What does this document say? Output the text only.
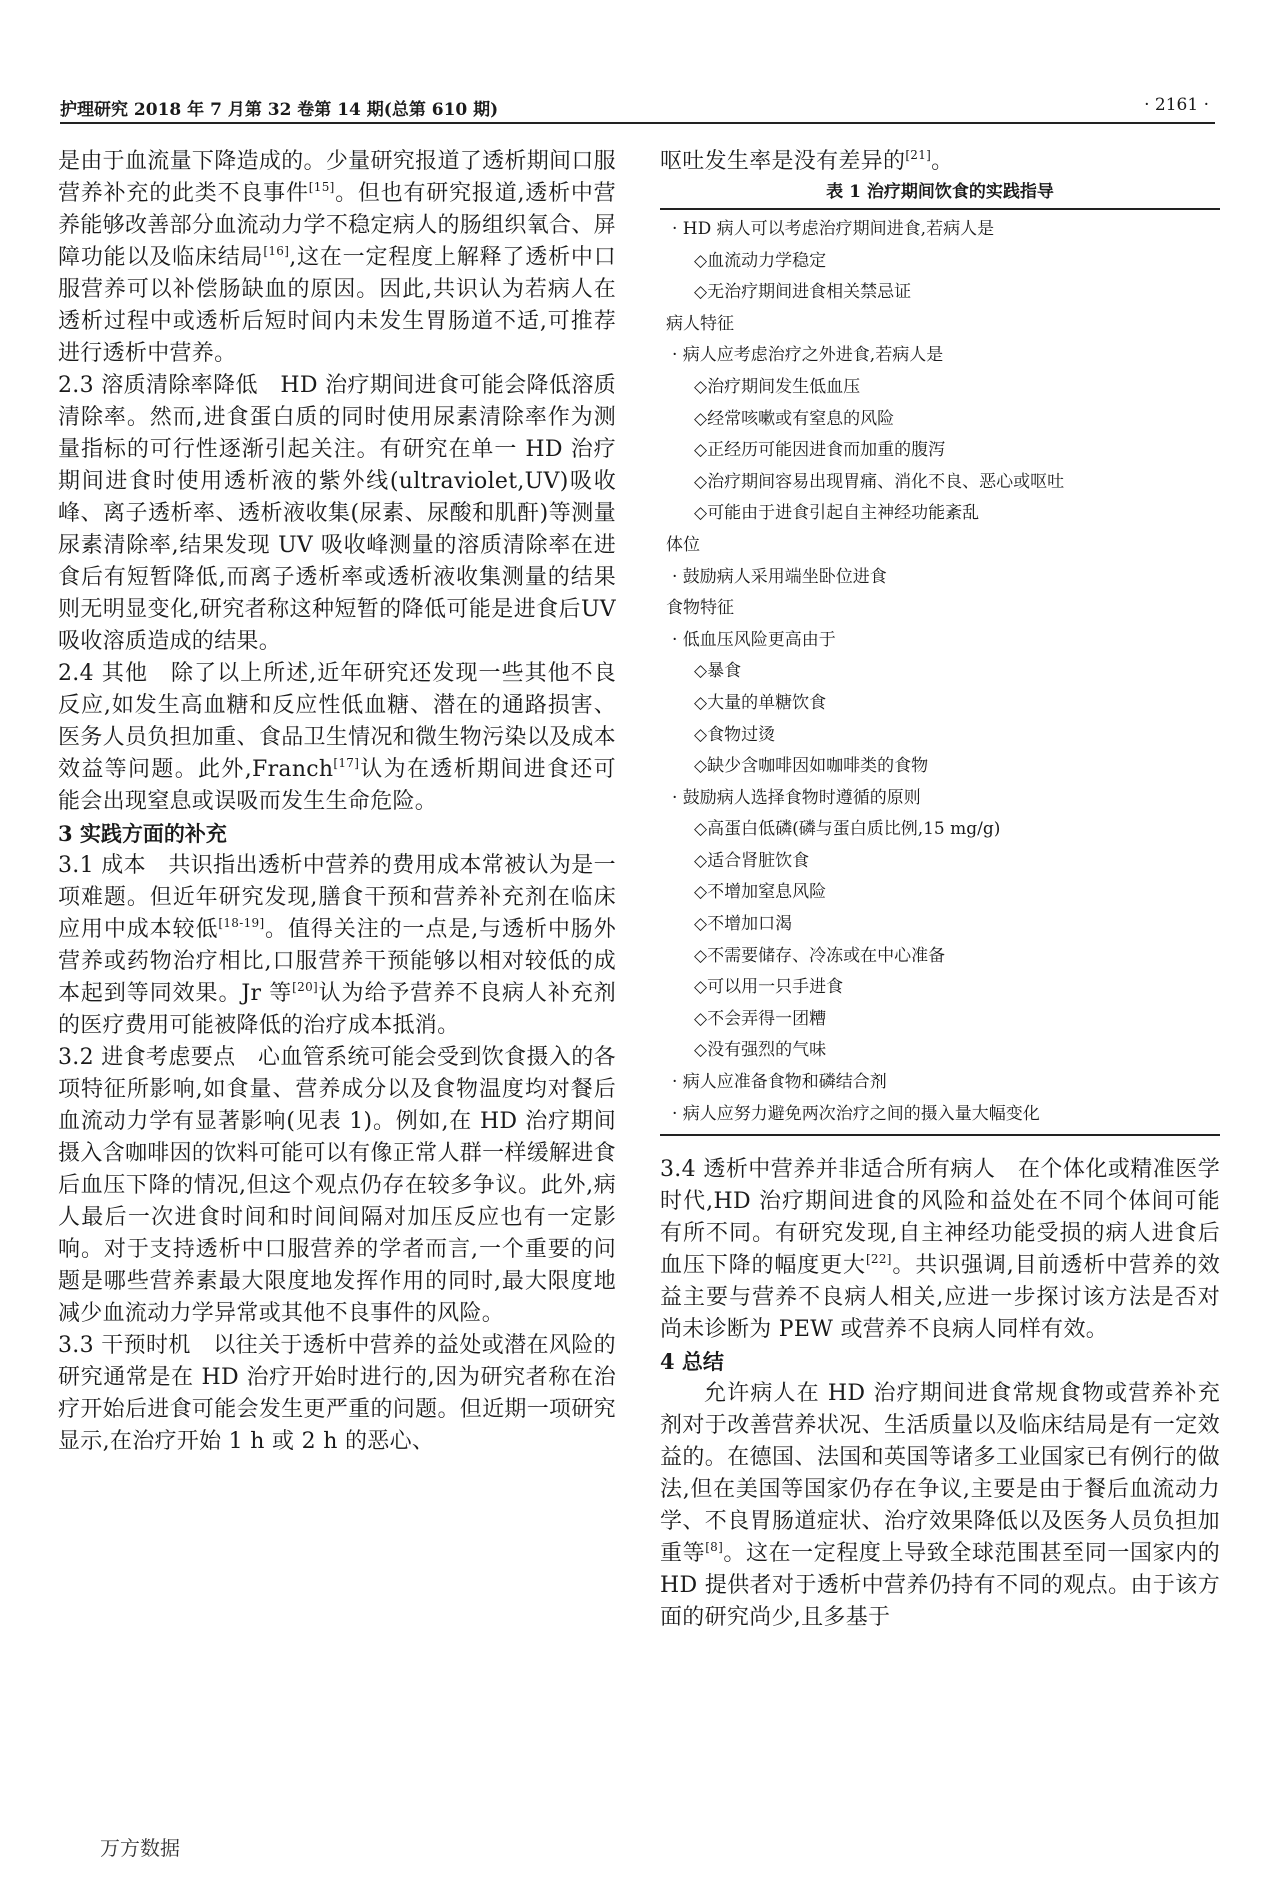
护理研究 2018 年 7 月第 32 卷第 14 期(总第 610 期)	· 2161 ·

是由于血流量下降造成的。少量研究报道了透析期间口服营养补充的此类不良事件[15]。但也有研究报道,透析中营养能够改善部分血流动力学不稳定病人的肠组织氧合、屏障功能以及临床结局[16],这在一定程度上解释了透析中口服营养可以补偿肠缺血的原因。因此,共识认为若病人在透析过程中或透析后短时间内未发生胃肠道不适,可推荐进行透析中营养。

2.3 溶质清除率降低　 HD 治疗期间进食可能会降低溶质清除率。然而,进食蛋白质的同时使用尿素清除率作为测量指标的可行性逐渐引起关注。有研究在单一 HD 治疗期间进食时使用透析液的紫外线(ultraviolet,UV)吸收峰、离子透析率、透析液收集(尿素、尿酸和肌酐)等测量尿素清除率,结果发现 UV 吸收峰测量的溶质清除率在进食后有短暂降低,而离子透析率或透析液收集测量的结果则无明显变化,研究者称这种短暂的降低可能是进食后UV吸收溶质造成的结果。

2.4 其他　 除了以上所述,近年研究还发现一些其他不良反应,如发生高血糖和反应性低血糖、潜在的通路损害、医务人员负担加重、食品卫生情况和微生物污染以及成本效益等问题。此外,Franch[17]认为在透析期间进食还可能会出现窒息或误吸而发生生命危险。

3 实践方面的补充

3.1 成本　 共识指出透析中营养的费用成本常被认为是一项难题。但近年研究发现,膳食干预和营养补充剂在临床应用中成本较低[18-19]。值得关注的一点是,与透析中肠外营养或药物治疗相比,口服营养干预能够以相对较低的成本起到等同效果。Jr 等[20]认为给予营养不良病人补充剂的医疗费用可能被降低的治疗成本抵消。

3.2 进食考虑要点　 心血管系统可能会受到饮食摄入的各项特征所影响,如食量、营养成分以及食物温度均对餐后血流动力学有显著影响(见表 1)。例如,在 HD 治疗期间摄入含咖啡因的饮料可能可以有像正常人群一样缓解进食后血压下降的情况,但这个观点仍存在较多争议。此外,病人最后一次进食时间和时间间隔对加压反应也有一定影响。对于支持透析中口服营养的学者而言,一个重要的问题是哪些营养素最大限度地发挥作用的同时,最大限度地减少血流动力学异常或其他不良事件的风险。

3.3 干预时机　 以往关于透析中营养的益处或潜在风险的研究通常是在 HD 治疗开始时进行的,因为研究者称在治疗开始后进食可能会发生更严重的问题。但近期一项研究显示,在治疗开始 1 h 或 2 h 的恶心、

呕吐发生率是没有差异的[21]。

表 1 治疗期间饮食的实践指导
· HD 病人可以考虑治疗期间进食,若病人是
◇血流动力学稳定
◇无治疗期间进食相关禁忌证
病人特征
· 病人应考虑治疗之外进食,若病人是
◇治疗期间发生低血压
◇经常咳嗽或有窒息的风险
◇正经历可能因进食而加重的腹泻
◇治疗期间容易出现胃痛、消化不良、恶心或呕吐
◇可能由于进食引起自主神经功能紊乱
体位
· 鼓励病人采用端坐卧位进食
食物特征
· 低血压风险更高由于
◇暴食
◇大量的单糖饮食
◇食物过烫
◇缺少含咖啡因如咖啡类的食物
· 鼓励病人选择食物时遵循的原则
◇高蛋白低磷(磷与蛋白质比例,15 mg/g)
◇适合肾脏饮食
◇不增加窒息风险
◇不增加口渴
◇不需要储存、冷冻或在中心准备
◇可以用一只手进食
◇不会弄得一团糟
◇没有强烈的气味
· 病人应准备食物和磷结合剂
· 病人应努力避免两次治疗之间的摄入量大幅变化

3.4 透析中营养并非适合所有病人　 在个体化或精准医学时代,HD 治疗期间进食的风险和益处在不同个体间可能有所不同。有研究发现,自主神经功能受损的病人进食后血压下降的幅度更大[22]。共识强调,目前透析中营养的效益主要与营养不良病人相关,应进一步探讨该方法是否对尚未诊断为 PEW 或营养不良病人同样有效。

4 总结

允许病人在 HD 治疗期间进食常规食物或营养补充剂对于改善营养状况、生活质量以及临床结局是有一定效益的。在德国、法国和英国等诸多工业国家已有例行的做法,但在美国等国家仍存在争议,主要是由于餐后血流动力学、不良胃肠道症状、治疗效果降低以及医务人员负担加重等[8]。这在一定程度上导致全球范围甚至同一国家内的 HD 提供者对于透析中营养仍持有不同的观点。由于该方面的研究尚少,且多基于

万方数据
